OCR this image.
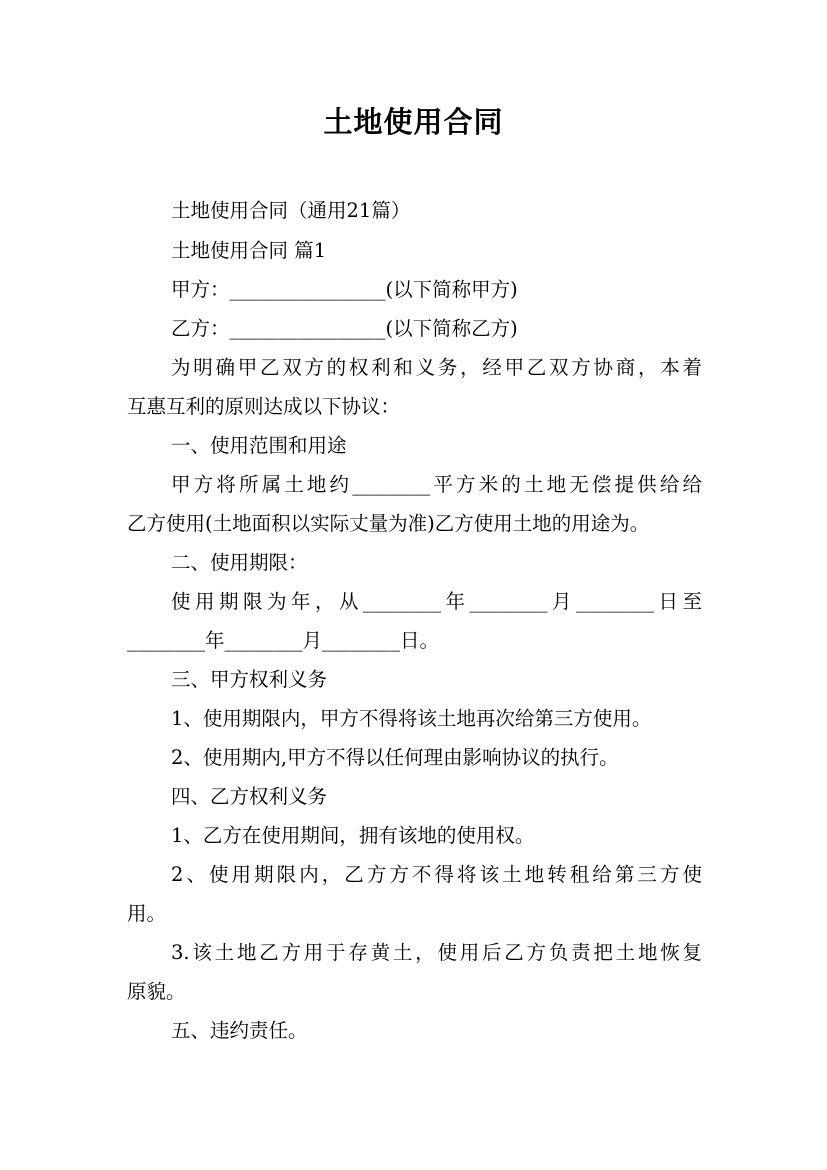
土地使用合同
土地使用合同（通用21篇）
土地使用合同 篇1
甲方：________________(以下简称甲方)
乙方：________________(以下简称乙方)
为明确甲乙双方的权利和义务，经甲乙双方协商，本着
互惠互利的原则达成以下协议：
一、使用范围和用途
甲方将所属土地约________平方米的土地无偿提供给给
乙方使用(土地面积以实际丈量为准)乙方使用土地的用途为。
二、使用期限：
使用期限为年，从________年________月________日至
________年________月________日。
三、甲方权利义务
1、使用期限内，甲方不得将该土地再次给第三方使用。
2、使用期内,甲方不得以任何理由影响协议的执行。
四、乙方权利义务
1、乙方在使用期间，拥有该地的使用权。
2、使用期限内，乙方方不得将该土地转租给第三方使
用。
3.该土地乙方用于存黄土，使用后乙方负责把土地恢复
原貌。
五、违约责任。
